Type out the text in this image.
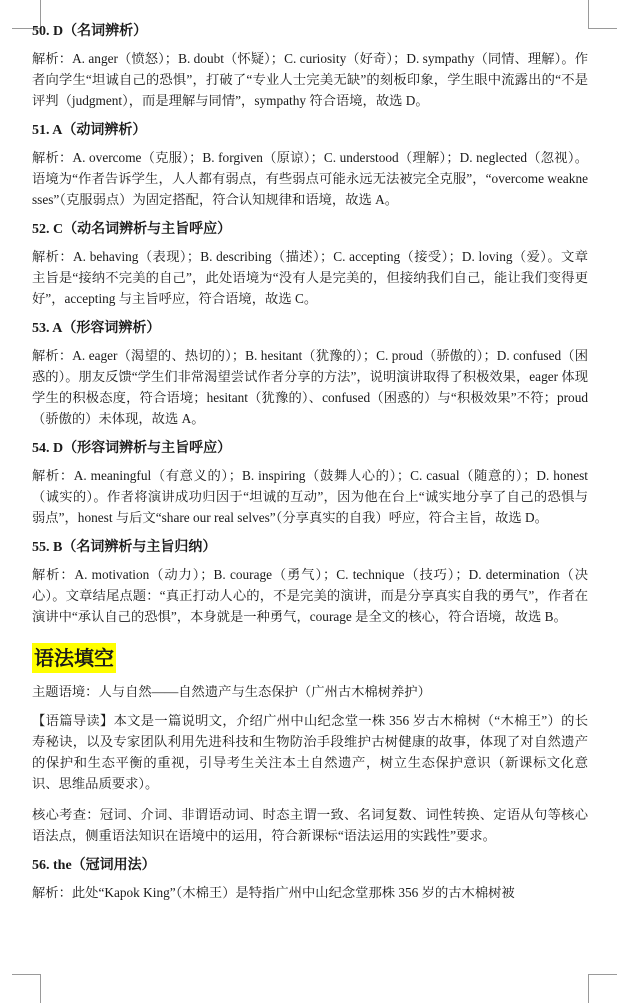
50. D（名词辨析）
解析：A. anger（愤怒）；B. doubt（怀疑）；C. curiosity（好奇）；D. sympathy（同情、理解）。作者向学生“坦诚自己的恐惧”，打破了“专业人士完美无缺”的刻板印象，学生眼中流露出的“不是评判（judgment），而是理解与同情”，sympathy 符合语境，故选 D。
51. A（动词辨析）
解析：A. overcome（克服）；B. forgiven（原谅）；C. understood（理解）；D. neglected（忽视）。语境为“作者告诉学生，人人都有弱点，有些弱点可能永远无法被完全克服”，“overcome weaknesses”（克服弱点）为固定搭配，符合认知规律和语境，故选 A。
52. C（动名词辨析与主旨呼应）
解析：A. behaving（表现）；B. describing（描述）；C. accepting（接受）；D. loving（爱）。文章主旨是“接纳不完美的自己”，此处语境为“没有人是完美的，但接纳我们自己，能让我们变得更好”，accepting 与主旨呼应，符合语境，故选 C。
53. A（形容词辨析）
解析：A. eager（渴望的、热切的）；B. hesitant（犹豫的）；C. proud（骄傲的）；D. confused（困惑的）。朋友反馈“学生们非常渴望尝试作者分享的方法”，说明演讲取得了积极效果，eager 体现学生的积极态度，符合语境；hesitant（犹豫的）、confused（困惑的）与“积极效果”不符；proud（骄傲的）未体现，故选 A。
54. D（形容词辨析与主旨呼应）
解析：A. meaningful（有意义的）；B. inspiring（鼓舞人心的）；C. casual（随意的）；D. honest（诚实的）。作者将演讲成功归因于“坦诚的互动”，因为他在台上“诚实地分享了自己的恐惧与弱点”，honest 与后文“share our real selves”（分享真实的自我）呼应，符合主旨，故选 D。
55. B（名词辨析与主旨归纳）
解析：A. motivation（动力）；B. courage（勇气）；C. technique（技巧）；D. determination（决心）。文章结尾点题：“真正打动人心的，不是完美的演讲，而是分享真实自我的勇气”，作者在演讲中“承认自己的恐惧”，本身就是一种勇气，courage 是全文的核心，符合语境，故选 B。
语法填空
主题语境：人与自然——自然遗产与生态保护（广州古木棉树养护）
【语篇导读】本文是一篇说明文，介绍广州中山纪念堂一株 356 岁古木棉树（“木棉王”）的长寿秘诀，以及专家团队利用先进科技和生物防治手段维护古树健康的故事，体现了对自然遗产的保护和生态平衡的重视，引导考生关注本土自然遗产，树立生态保护意识（新课标文化意识、思维品质要求）。
核心考查：冠词、介词、非谓语动词、时态主谓一致、名词复数、词性转换、定语从句等核心语法点，侧重语法知识在语境中的运用，符合新课标“语法运用的实践性”要求。
56. the（冠词用法）
解析：此处“Kapok King”（木棉王）是特指广州中山纪念堂那株 356 岁的古木棉树被
